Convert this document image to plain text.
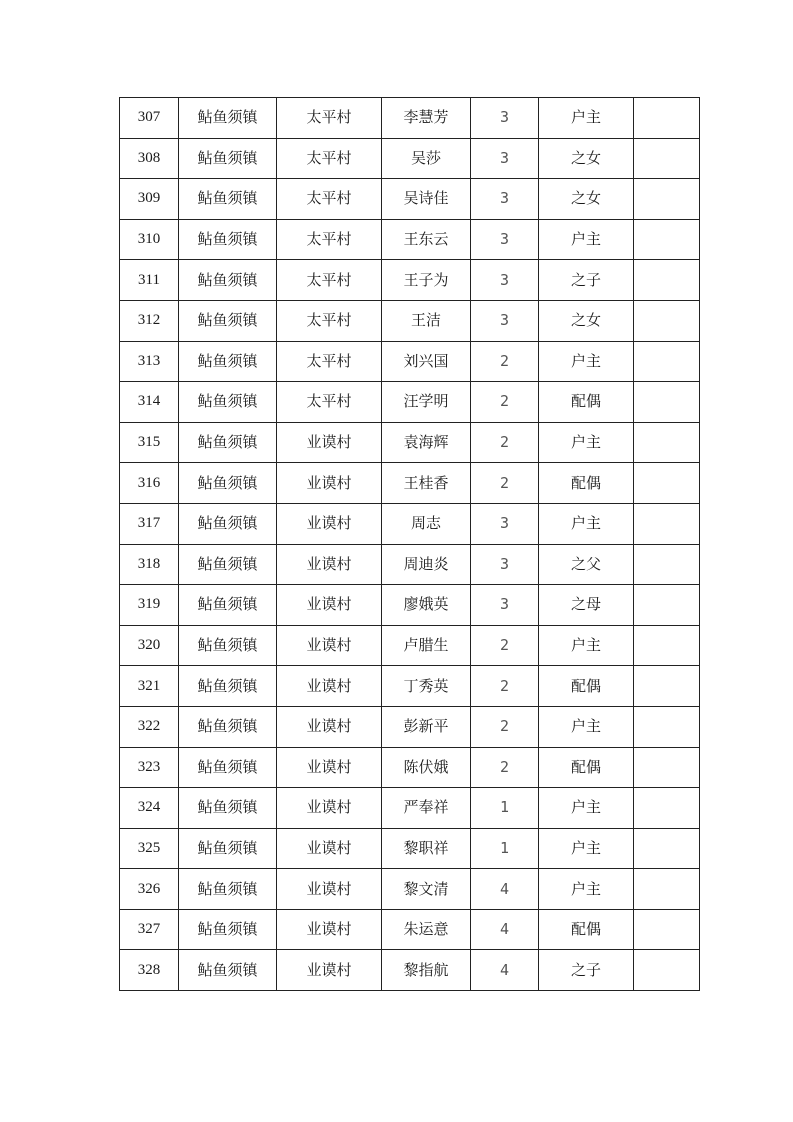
307	鲇鱼须镇	太平村	李慧芳	3	户主	
308	鲇鱼须镇	太平村	吴莎	3	之女	
309	鲇鱼须镇	太平村	吴诗佳	3	之女	
310	鲇鱼须镇	太平村	王东云	3	户主	
311	鲇鱼须镇	太平村	王子为	3	之子	
312	鲇鱼须镇	太平村	王洁	3	之女	
313	鲇鱼须镇	太平村	刘兴国	2	户主	
314	鲇鱼须镇	太平村	汪学明	2	配偶	
315	鲇鱼须镇	业谟村	袁海辉	2	户主	
316	鲇鱼须镇	业谟村	王桂香	2	配偶	
317	鲇鱼须镇	业谟村	周志	3	户主	
318	鲇鱼须镇	业谟村	周迪炎	3	之父	
319	鲇鱼须镇	业谟村	廖娥英	3	之母	
320	鲇鱼须镇	业谟村	卢腊生	2	户主	
321	鲇鱼须镇	业谟村	丁秀英	2	配偶	
322	鲇鱼须镇	业谟村	彭新平	2	户主	
323	鲇鱼须镇	业谟村	陈伏娥	2	配偶	
324	鲇鱼须镇	业谟村	严奉祥	1	户主	
325	鲇鱼须镇	业谟村	黎职祥	1	户主	
326	鲇鱼须镇	业谟村	黎文清	4	户主	
327	鲇鱼须镇	业谟村	朱运意	4	配偶	
328	鲇鱼须镇	业谟村	黎指航	4	之子	
